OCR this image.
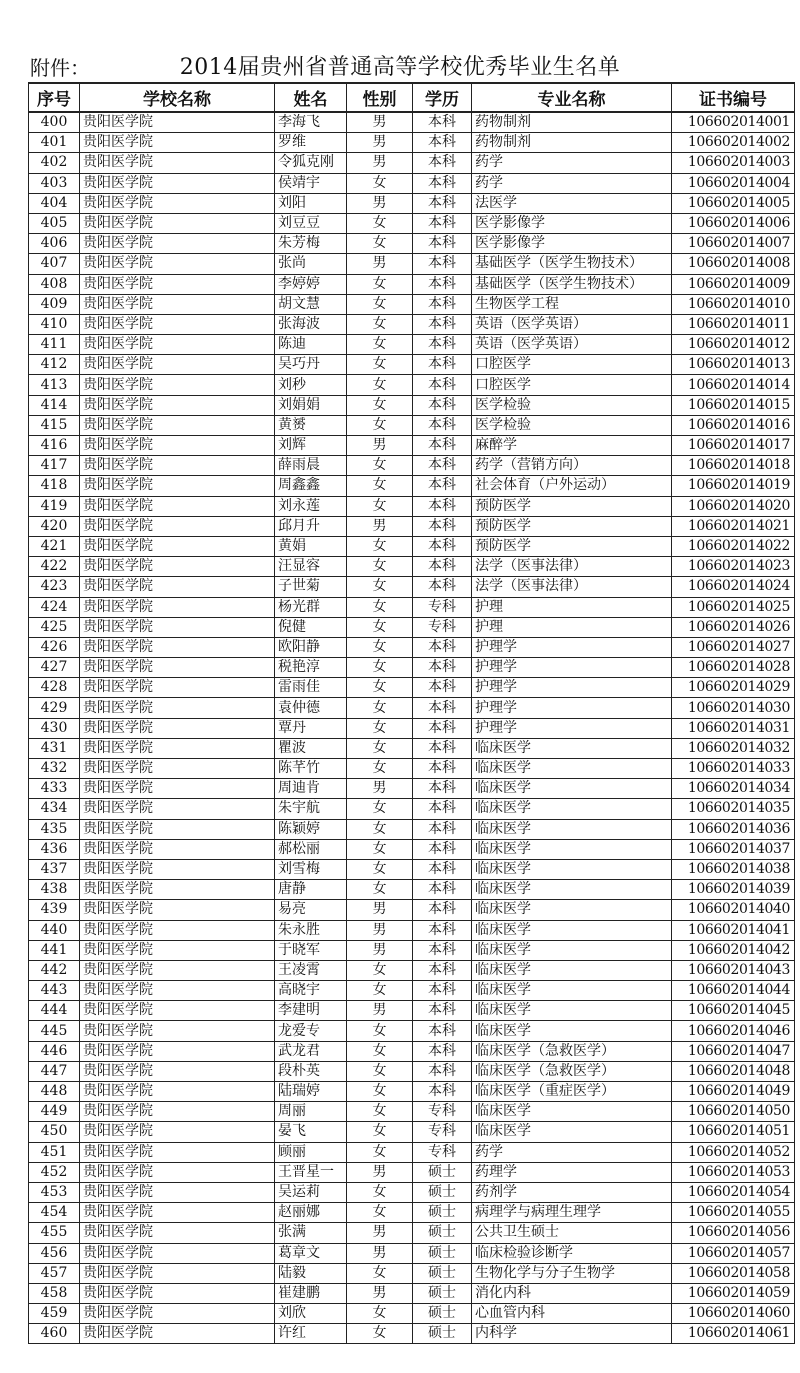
附件：	2014届贵州省普通高等学校优秀毕业生名单
序号	学校名称	姓名	性别	学历	专业名称	证书编号
400	贵阳医学院	李海飞	男	本科	药物制剂	106602014001
401	贵阳医学院	罗维	男	本科	药物制剂	106602014002
402	贵阳医学院	令狐克刚	男	本科	药学	106602014003
403	贵阳医学院	侯靖宇	女	本科	药学	106602014004
404	贵阳医学院	刘阳	男	本科	法医学	106602014005
405	贵阳医学院	刘豆豆	女	本科	医学影像学	106602014006
406	贵阳医学院	朱芳梅	女	本科	医学影像学	106602014007
407	贵阳医学院	张尚	男	本科	基础医学（医学生物技术）	106602014008
408	贵阳医学院	李婷婷	女	本科	基础医学（医学生物技术）	106602014009
409	贵阳医学院	胡文慧	女	本科	生物医学工程	106602014010
410	贵阳医学院	张海波	女	本科	英语（医学英语）	106602014011
411	贵阳医学院	陈迪	女	本科	英语（医学英语）	106602014012
412	贵阳医学院	吴巧丹	女	本科	口腔医学	106602014013
413	贵阳医学院	刘秒	女	本科	口腔医学	106602014014
414	贵阳医学院	刘娟娟	女	本科	医学检验	106602014015
415	贵阳医学院	黄赟	女	本科	医学检验	106602014016
416	贵阳医学院	刘辉	男	本科	麻醉学	106602014017
417	贵阳医学院	薛雨晨	女	本科	药学（营销方向）	106602014018
418	贵阳医学院	周鑫鑫	女	本科	社会体育（户外运动）	106602014019
419	贵阳医学院	刘永莲	女	本科	预防医学	106602014020
420	贵阳医学院	邱月升	男	本科	预防医学	106602014021
421	贵阳医学院	黄娟	女	本科	预防医学	106602014022
422	贵阳医学院	汪显容	女	本科	法学（医事法律）	106602014023
423	贵阳医学院	子世菊	女	本科	法学（医事法律）	106602014024
424	贵阳医学院	杨光群	女	专科	护理	106602014025
425	贵阳医学院	倪健	女	专科	护理	106602014026
426	贵阳医学院	欧阳静	女	本科	护理学	106602014027
427	贵阳医学院	税艳淳	女	本科	护理学	106602014028
428	贵阳医学院	雷雨佳	女	本科	护理学	106602014029
429	贵阳医学院	袁仲德	女	本科	护理学	106602014030
430	贵阳医学院	覃丹	女	本科	护理学	106602014031
431	贵阳医学院	瞿波	女	本科	临床医学	106602014032
432	贵阳医学院	陈芊竹	女	本科	临床医学	106602014033
433	贵阳医学院	周迪肯	男	本科	临床医学	106602014034
434	贵阳医学院	朱宇航	女	本科	临床医学	106602014035
435	贵阳医学院	陈颖婷	女	本科	临床医学	106602014036
436	贵阳医学院	郝松丽	女	本科	临床医学	106602014037
437	贵阳医学院	刘雪梅	女	本科	临床医学	106602014038
438	贵阳医学院	唐静	女	本科	临床医学	106602014039
439	贵阳医学院	易亮	男	本科	临床医学	106602014040
440	贵阳医学院	朱永胜	男	本科	临床医学	106602014041
441	贵阳医学院	于晓军	男	本科	临床医学	106602014042
442	贵阳医学院	王凌霄	女	本科	临床医学	106602014043
443	贵阳医学院	高晓宇	女	本科	临床医学	106602014044
444	贵阳医学院	李建明	男	本科	临床医学	106602014045
445	贵阳医学院	龙爱专	女	本科	临床医学	106602014046
446	贵阳医学院	武龙君	女	本科	临床医学（急救医学）	106602014047
447	贵阳医学院	段朴英	女	本科	临床医学（急救医学）	106602014048
448	贵阳医学院	陆瑞婷	女	本科	临床医学（重症医学）	106602014049
449	贵阳医学院	周丽	女	专科	临床医学	106602014050
450	贵阳医学院	晏飞	女	专科	临床医学	106602014051
451	贵阳医学院	顾丽	女	专科	药学	106602014052
452	贵阳医学院	王晋星一	男	硕士	药理学	106602014053
453	贵阳医学院	吴运莉	女	硕士	药剂学	106602014054
454	贵阳医学院	赵丽娜	女	硕士	病理学与病理生理学	106602014055
455	贵阳医学院	张满	男	硕士	公共卫生硕士	106602014056
456	贵阳医学院	葛章文	男	硕士	临床检验诊断学	106602014057
457	贵阳医学院	陆毅	女	硕士	生物化学与分子生物学	106602014058
458	贵阳医学院	崔建鹏	男	硕士	消化内科	106602014059
459	贵阳医学院	刘欣	女	硕士	心血管内科	106602014060
460	贵阳医学院	许红	女	硕士	内科学	106602014061
